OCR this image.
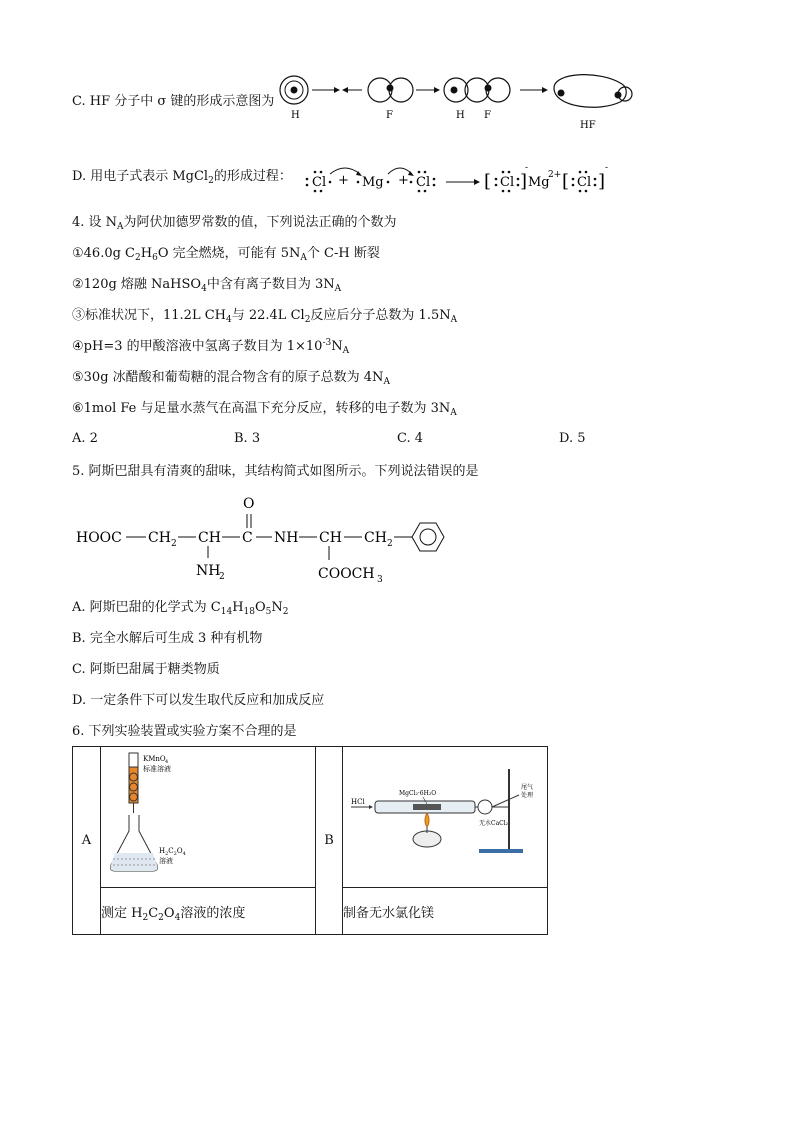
C. HF 分子中 σ 键的形成示意图为
H	F	H F
HF
D. 用电子式表示 MgCl$_2$的形成过程： Cl + Mg + Cl	[ Cl ]
-
Mg
2+ [ Cl ]
-
4. 设 $N_A$为阿伏加德罗常数的值，下列说法正确的个数为
①46.0g $C_2H_6O$ 完全燃烧，可能有 $5N_A$个 C-H 断裂
②120g 熔融 NaHSO$_4$中含有离子数目为 $3N_A$
③标准状况下，11.2L $CH_4$与 22.4L $Cl_2$反应后分子总数为 $1.5N_A$
④pH=3 的甲酸溶液中氢离子数目为 $1\times 10^{-3}N_A$
⑤30g 冰醋酸和葡萄糖的混合物含有的原子总数为 $4N_A$
⑥1mol Fe 与足量水蒸气在高温下充分反应，转移的电子数为 $3N_A$
A. 2	B. 3	C. 4	D. 5
5. 阿斯巴甜具有清爽的甜味，其结构简式如图所示。下列说法错误的是
HOOC CH 2 CH
NH
2
C
O
NH CH
COOCH 3
CH 2
A. 阿斯巴甜的化学式为 $C_{14}H_{18}O_5N_2$
B. 完全水解后可生成 3 种有机物
C. 阿斯巴甜属于糖类物质
D. 一定条件下可以发生取代反应和加成反应
6. 下列实验装置或实验方案不合理的是
A	KMnO 4
标准溶液
$H_2C_2O_4$
溶液	B	HCl
MgCl₂·6H₂O
尾气
处理
无水CaCl₂

	测定 $H_2C_2O_4$溶液的浓度		制备无水氯化镁
